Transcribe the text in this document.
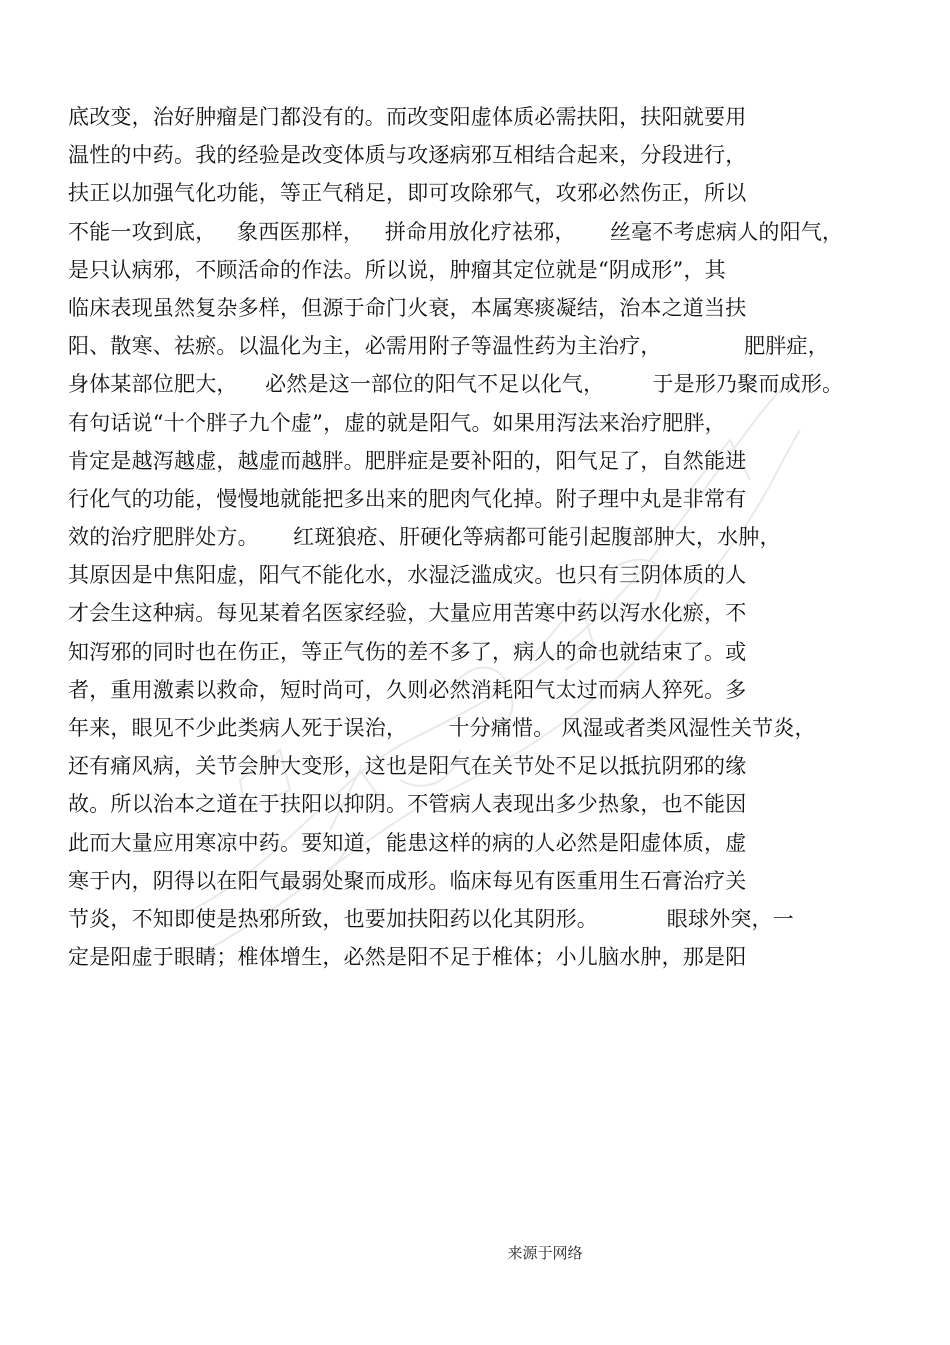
底改变，治好肿瘤是门都没有的。而改变阳虚体质必需扶阳，扶阳就要用
温性的中药。我的经验是改变体质与攻逐病邪互相结合起来，分段进行，
扶正以加强气化功能，等正气稍足，即可攻除邪气，攻邪必然伤正，所以
不能一攻到底，   象西医那样，   拼命用放化疗祛邪，     丝毫不考虑病人的阳气，
是只认病邪，不顾活命的作法。所以说，肿瘤其定位就是“阴成形”，其
临床表现虽然复杂多样，但源于命门火衰，本属寒痰凝结，治本之道当扶
阳、散寒、祛瘀。以温化为主，必需用附子等温性药为主治疗，            肥胖症，
身体某部位肥大，    必然是这一部位的阳气不足以化气，       于是形乃聚而成形。
有句话说“十个胖子九个虚”，虚的就是阳气。如果用泻法来治疗肥胖，
肯定是越泻越虚，越虚而越胖。肥胖症是要补阳的，阳气足了，自然能进
行化气的功能，慢慢地就能把多出来的肥肉气化掉。附子理中丸是非常有
效的治疗肥胖处方。     红斑狼疮、肝硬化等病都可能引起腹部肿大，水肿，
其原因是中焦阳虚，阳气不能化水，水湿泛滥成灾。也只有三阴体质的人
才会生这种病。每见某着名医家经验，大量应用苦寒中药以泻水化瘀，不
知泻邪的同时也在伤正，等正气伤的差不多了，病人的命也就结束了。或
者，重用激素以救命，短时尚可，久则必然消耗阳气太过而病人猝死。多
年来，眼见不少此类病人死于误治，      十分痛惜。 风湿或者类风湿性关节炎，
还有痛风病，关节会肿大变形，这也是阳气在关节处不足以抵抗阴邪的缘
故。所以治本之道在于扶阳以抑阴。不管病人表现出多少热象，也不能因
此而大量应用寒凉中药。要知道，能患这样的病的人必然是阳虚体质，虚
寒于内，阴得以在阳气最弱处聚而成形。临床每见有医重用生石膏治疗关
节炎，不知即使是热邪所致，也要加扶阳药以化其阴形。          眼球外突，一
定是阳虚于眼睛；椎体增生，必然是阳不足于椎体；小儿脑水肿，那是阳
来源于网络
